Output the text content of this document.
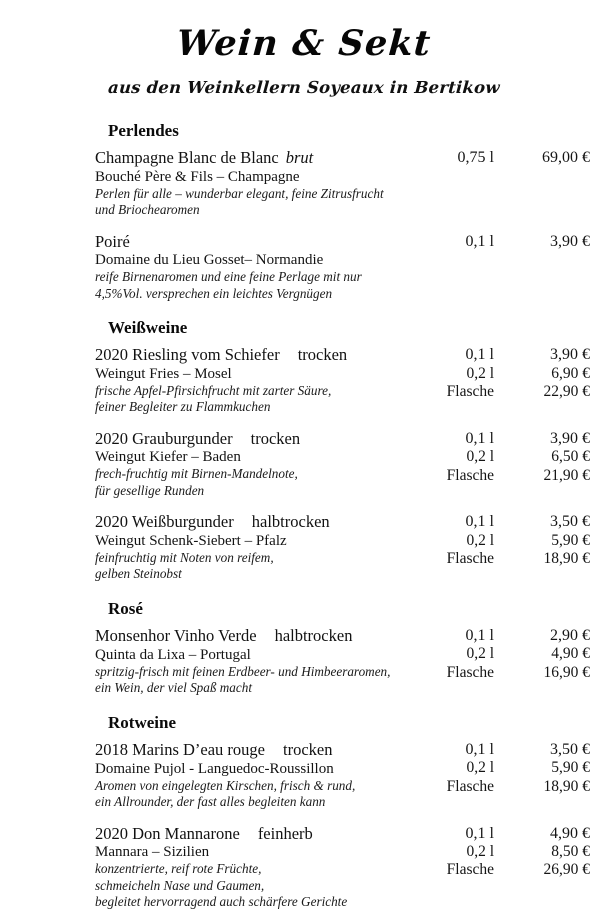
Wein & Sekt
aus den Weinkellern Soyeaux in Bertikow
Perlendes
Champagne Blanc de Blanc brut
Bouché Père & Fils – Champagne
Perlen für alle – wunderbar elegant, feine Zitrusfrucht
und Briochearomen
0,75 l	69,00 €
Poiré
Domaine du Lieu Gosset– Normandie
reife Birnenaromen und eine feine Perlage mit nur
4,5%Vol. versprechen ein leichtes Vergnügen
0,1 l	3,90 €
Weißweine
2020 Riesling vom Schiefer trocken
Weingut Fries – Mosel
frische Apfel-Pfirsichfrucht mit zarter Säure,
feiner Begleiter zu Flammkuchen
0,1 l	3,90 €
0,2 l	6,90 €
Flasche	22,90 €
2020 Grauburgunder trocken
Weingut Kiefer – Baden
frech-fruchtig mit Birnen-Mandelnote,
für gesellige Runden
0,1 l	3,90 €
0,2 l	6,50 €
Flasche	21,90 €
2020 Weißburgunder halbtrocken
Weingut Schenk-Siebert – Pfalz
feinfruchtig mit Noten von reifem,
gelben Steinobst
0,1 l	3,50 €
0,2 l	5,90 €
Flasche	18,90 €
Rosé
Monsenhor Vinho Verde halbtrocken
Quinta da Lixa – Portugal
spritzig-frisch mit feinen Erdbeer- und Himbeeraromen,
ein Wein, der viel Spaß macht
0,1 l	2,90 €
0,2 l	4,90 €
Flasche	16,90 €
Rotweine
2018 Marins D’eau rouge trocken
Domaine Pujol - Languedoc-Roussillon
Aromen von eingelegten Kirschen, frisch & rund,
ein Allrounder, der fast alles begleiten kann
0,1 l	3,50 €
0,2 l	5,90 €
Flasche	18,90 €
2020 Don Mannarone feinherb
Mannara – Sizilien
konzentrierte, reif rote Früchte,
schmeicheln Nase und Gaumen,
begleitet hervorragend auch schärfere Gerichte
0,1 l	4,90 €
0,2 l	8,50 €
Flasche	26,90 €
